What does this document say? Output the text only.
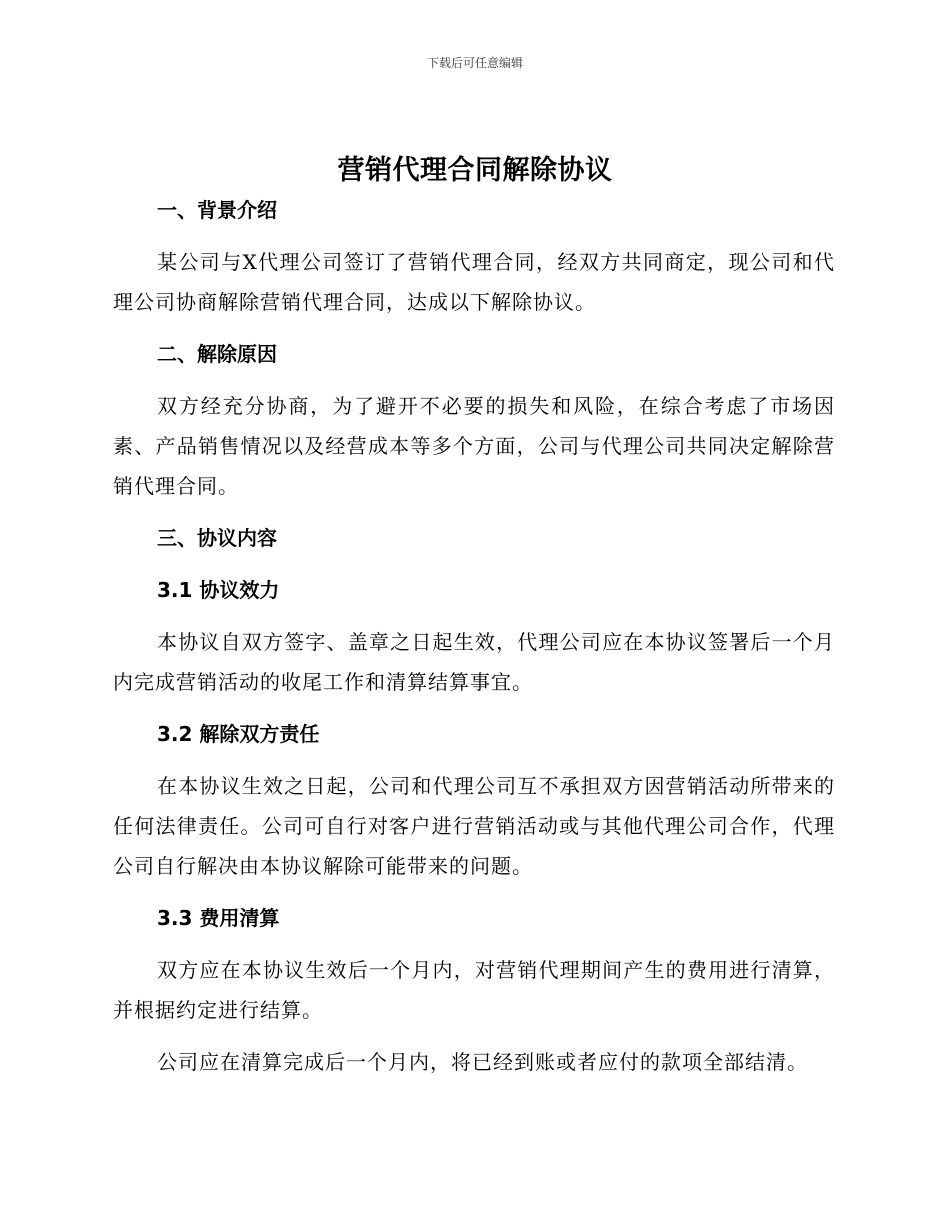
下载后可任意编辑
营销代理合同解除协议

一、背景介绍

某公司与X代理公司签订了营销代理合同，经双方共同商定，现公司和代理公司协商解除营销代理合同，达成以下解除协议。

二、解除原因

双方经充分协商，为了避开不必要的损失和风险，在综合考虑了市场因素、产品销售情况以及经营成本等多个方面，公司与代理公司共同决定解除营销代理合同。

三、协议内容

3.1 协议效力

本协议自双方签字、盖章之日起生效，代理公司应在本协议签署后一个月内完成营销活动的收尾工作和清算结算事宜。

3.2 解除双方责任

在本协议生效之日起，公司和代理公司互不承担双方因营销活动所带来的任何法律责任。公司可自行对客户进行营销活动或与其他代理公司合作，代理公司自行解决由本协议解除可能带来的问题。

3.3 费用清算

双方应在本协议生效后一个月内，对营销代理期间产生的费用进行清算，并根据约定进行结算。

公司应在清算完成后一个月内，将已经到账或者应付的款项全部结清。
